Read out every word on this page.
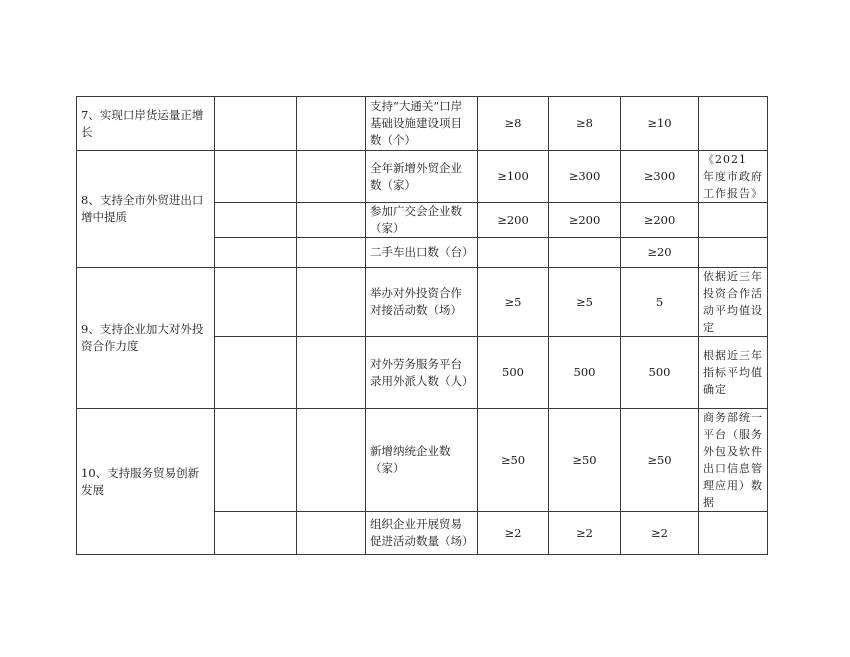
7、实现口岸货运量正增长			支持“大通关”口岸基础设施建设项目数（个）	≥8	≥8	≥10	
8、支持全市外贸进出口增中提质			全年新增外贸企业数（家）	≥100	≥300	≥300	《2021 年度市政府工作报告》
			参加广交会企业数（家）	≥200	≥200	≥200	
			二手车出口数（台）			≥20	
9、支持企业加大对外投资合作力度			举办对外投资合作对接活动数（场）	≥5	≥5	5	依据近三年投资合作活动平均值设定
			对外劳务服务平台录用外派人数（人）	500	500	500	根据近三年指标平均值确定
10、支持服务贸易创新发展			新增纳统企业数（家）	≥50	≥50	≥50	商务部统一平台（服务外包及软件出口信息管理应用）数据
			组织企业开展贸易促进活动数量（场）	≥2	≥2	≥2	
